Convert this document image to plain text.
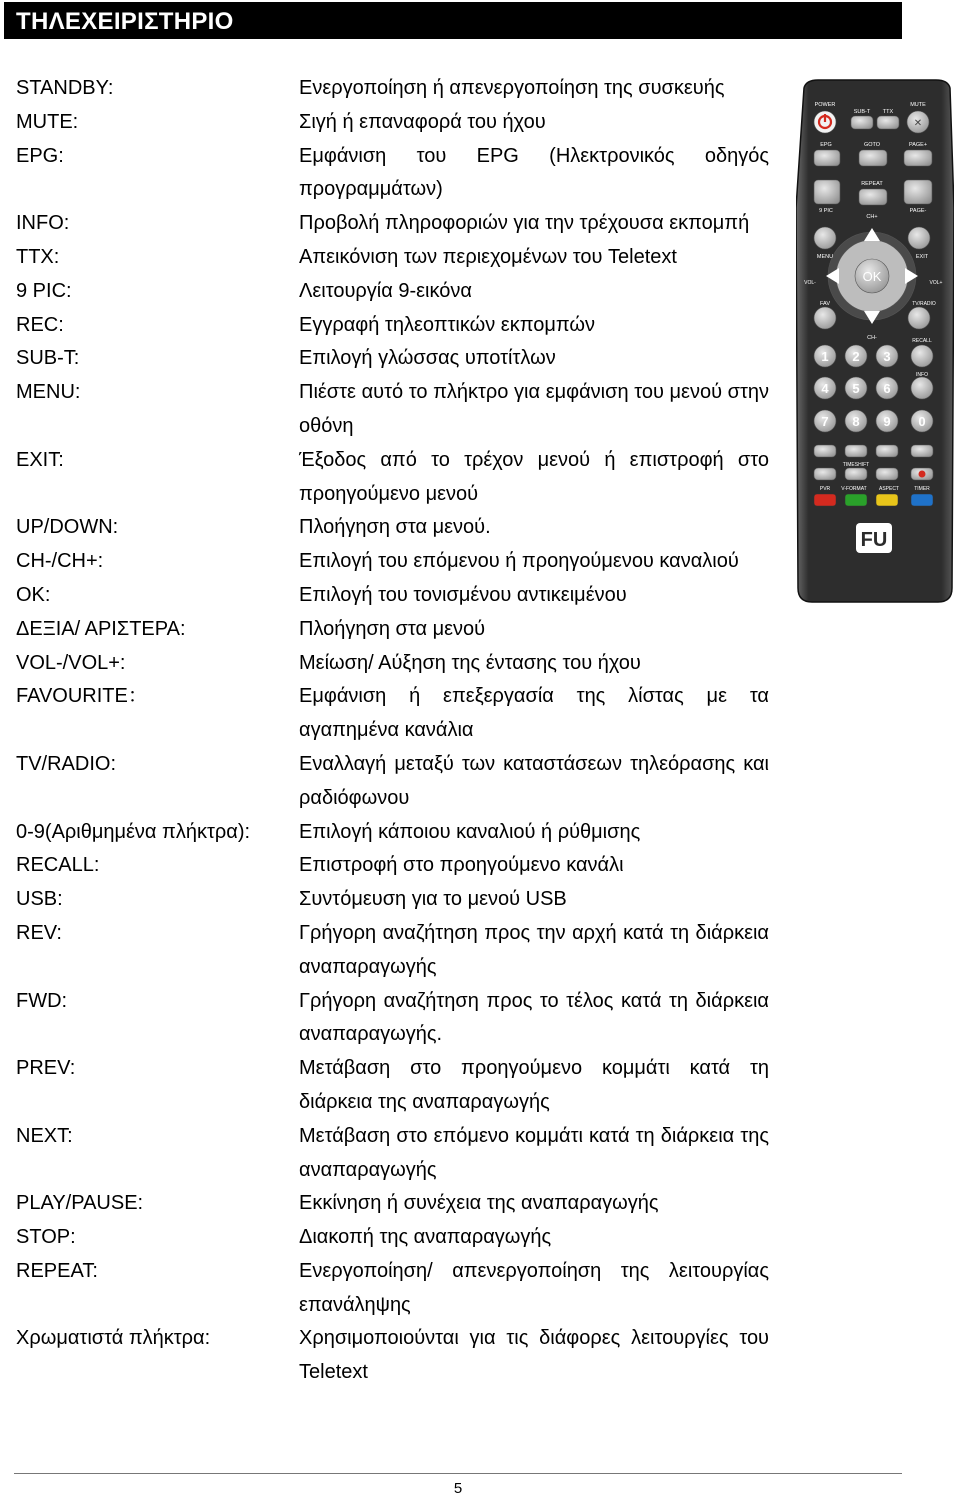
ΤΗΛΕΧΕΙΡΙΣΤΗΡΙΟ
STANDBY:	Ενεργοποίηση ή απενεργοποίηση της συσκευής
MUTE:	Σιγή ή επαναφορά του ήχου
EPG:	Εμφάνιση του EPG (Ηλεκτρονικός οδηγός προγραμμάτων)
INFO:	Προβολή πληροφοριών για την τρέχουσα εκπομπή
TTX:	Απεικόνιση των περιεχομένων του Teletext
9 PIC:	Λειτουργία 9-εικόνα
REC:	Εγγραφή τηλεοπτικών εκπομπών
SUB-T:	Επιλογή γλώσσας υποτίτλων
MENU:	Πιέστε αυτό το πλήκτρο για εμφάνιση του μενού στην οθόνη
EXIT:	Έξοδος από το τρέχον μενού ή επιστροφή στο προηγούμενο μενού
UP/DOWN:	Πλοήγηση στα μενού.
CH-/CH+:	Επιλογή του επόμενου ή προηγούμενου καναλιού
OK:	Επιλογή του τονισμένου αντικειμένου
ΔΕΞΙΑ/ ΑΡΙΣΤΕΡΑ:	Πλοήγηση στα μενού
VOL-/VOL+:	Μείωση/ Αύξηση της έντασης του ήχου
FAVOURITE：	Εμφάνιση ή επεξεργασία της λίστας με τα αγαπημένα κανάλια
TV/RADIO:	Εναλλαγή μεταξύ των καταστάσεων τηλεόρασης και ραδιόφωνου
0-9(Αριθμημένα πλήκτρα):	Επιλογή κάποιου καναλιού ή ρύθμισης
RECALL:	Επιστροφή στο προηγούμενο κανάλι
USB:	Συντόμευση για το μενού USB
REV:	Γρήγορη αναζήτηση προς την αρχή κατά τη διάρκεια αναπαραγωγής
FWD:	Γρήγορη αναζήτηση προς το τέλος κατά τη διάρκεια αναπαραγωγής.
PREV:	Μετάβαση στο προηγούμενο κομμάτι κατά τη διάρκεια της αναπαραγωγής
NEXT:	Μετάβαση στο επόμενο κομμάτι κατά τη διάρκεια της αναπαραγωγής
PLAY/PAUSE:	Εκκίνηση ή συνέχεια της αναπαραγωγής
STOP:	Διακοπή της αναπαραγωγής
REPEAT:	Ενεργοποίηση/ απενεργοποίηση της λειτουργίας επανάληψης
Χρωματιστά πλήκτρα:	Χρησιμοποιούνται για τις διάφορες λειτουργίες του Teletext
POWER
SUB-T TTX
MUTE
✕
EPG	GOTO	PAGE+
REPEAT
9 PIC
CH+
PAGE-
OK
MENU	EXIT
VOL-	VOL+
FAV	TV/RADIO
CH-	RECALL
1 2 3
4 5 6
7 8 9 0
INFO
TIMESHIFT
PVR V-FORMAT ASPECT	TIMER
FU
5
